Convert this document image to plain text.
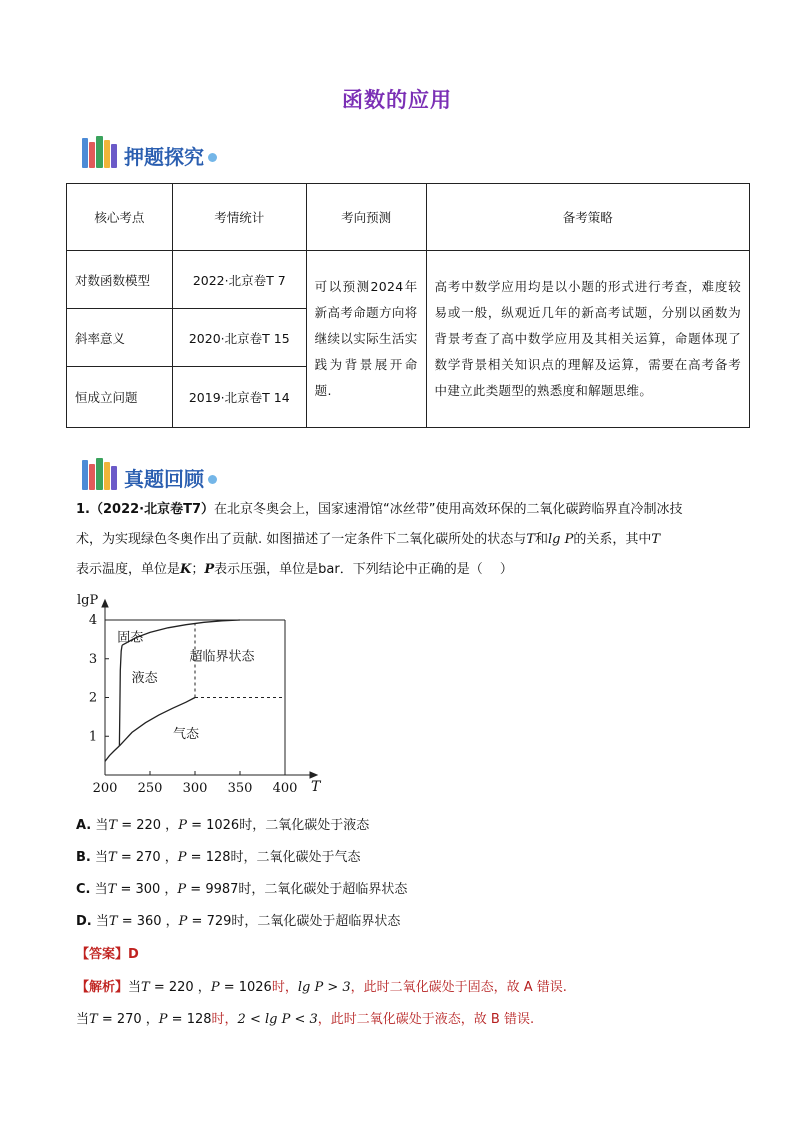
函数的应用
押题探究
核心考点	考情统计	考向预测	备考策略
对数函数模型	2022·北京卷T 7	可以预测2024年新高考命题方向将继续以实际生活实践为背景展开命题.	高考中数学应用均是以小题的形式进行考查，难度较易或一般，纵观近几年的新高考试题，分别以函数为背景考查了高中数学应用及其相关运算，命题体现了数学背景相关知识点的理解及运算，需要在高考备考中建立此类题型的熟悉度和解题思维。

斜率意义	2020·北京卷T 15		
恒成立问题	2019·北京卷T 14		
真题回顾
1.（2022·北京卷T7）在北京冬奥会上，国家速滑馆“冰丝带”使用高效环保的二氧化碳跨临界直冷制冰技
术，为实现绿色冬奥作出了贡献. 如图描述了一定条件下二氧化碳所处的状态与T和lg P的关系，其中T
表示温度，单位是K；P表示压强，单位是bar．下列结论中正确的是（　 ）
200 250 300 350 400
1
2
3
4
lgP
T
固态
液态
超临界状态
气态
A. 当T = 220 ，P = 1026时，二氧化碳处于液态
B. 当T = 270 ，P = 128时，二氧化碳处于气态
C. 当T = 300 ，P = 9987时，二氧化碳处于超临界状态
D. 当T = 360 ，P = 729时，二氧化碳处于超临界状态
【答案】D
【解析】当T = 220 ，P = 1026时，lg P > 3，此时二氧化碳处于固态，故 A 错误.
当T = 270 ，P = 128时，2 < lg P < 3，此时二氧化碳处于液态，故 B 错误.
